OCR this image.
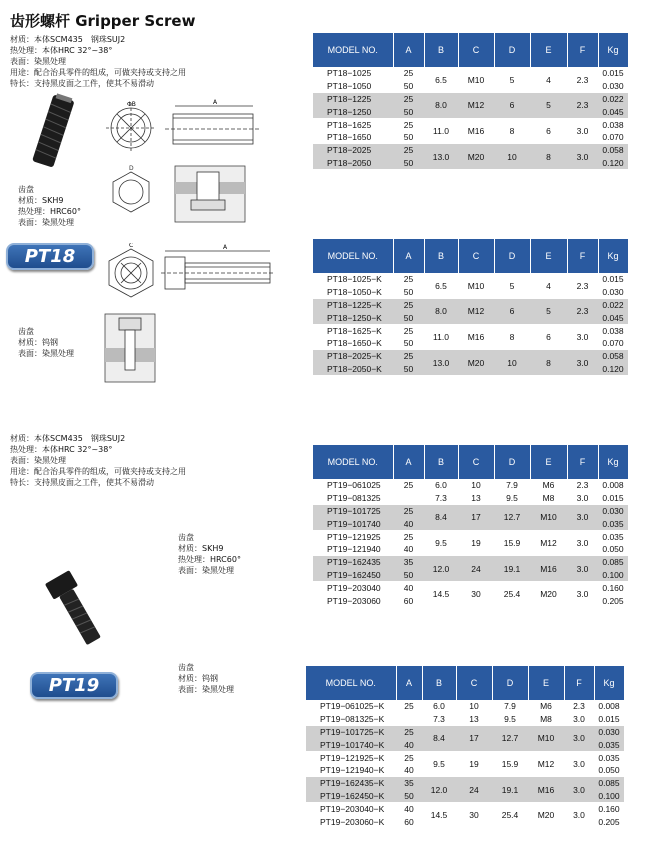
齿形螺杆 Gripper Screw
材质：本体SCM435　钢珠SUJ2
热处理：本体HRC 32°~38°
表面：染黑处理
用途：配合治具零件的组成，可做夹持或支持之用
特长：支持黑皮面之工件，使其不易滑动
A
ΦB
D
齿盘
材质：SKH9
热处理：HRC60°
表面：染黑处理
PT18	A
C
齿盘
材质：钨钢
表面：染黑处理
材质：本体SCM435　钢珠SUJ2
热处理：本体HRC 32°~38°
表面：染黑处理
用途：配合治具零件的组成，可做夹持或支持之用
特长：支持黑皮面之工件，使其不易滑动
齿盘
材质：SKH9
热处理：HRC60°
表面：染黑处理
齿盘
材质：钨钢
表面：染黑处理
PT19
MODEL NO.	A	B	C	D	E	F	Kg
PT18−1025	25	6.5	M10	5	4	2.3	0.015
PT18−1050	50						0.030
PT18−1225	25	8.0	M12	6	5	2.3	0.022
PT18−1250	50						0.045
PT18−1625	25	11.0	M16	8	6	3.0	0.038
PT18−1650	50						0.070
PT18−2025	25	13.0	M20	10	8	3.0	0.058
PT18−2050	50						0.120
MODEL NO.	A	B	C	D	E	F	Kg
PT18−1025−K	25	6.5	M10	5	4	2.3	0.015
PT18−1050−K	50						0.030
PT18−1225−K	25	8.0	M12	6	5	2.3	0.022
PT18−1250−K	50						0.045
PT18−1625−K	25	11.0	M16	8	6	3.0	0.038
PT18−1650−K	50						0.070
PT18−2025−K	25	13.0	M20	10	8	3.0	0.058
PT18−2050−K	50						0.120
MODEL NO.	A	B	C	D	E	F	Kg
PT19−061025	25	6.0	10	7.9	M6	2.3	0.008
PT19−081325		7.3	13	9.5	M8	3.0	0.015
PT19−101725	25	8.4	17	12.7	M10	3.0	0.030
PT19−101740	40						0.035
PT19−121925	25	9.5	19	15.9	M12	3.0	0.035
PT19−121940	40						0.050
PT19−162435	35	12.0	24	19.1	M16	3.0	0.085
PT19−162450	50						0.100
PT19−203040	40	14.5	30	25.4	M20	3.0	0.160
PT19−203060	60						0.205
MODEL NO.	A	B	C	D	E	F	Kg
PT19−061025−K	25	6.0	10	7.9	M6	2.3	0.008
PT19−081325−K		7.3	13	9.5	M8	3.0	0.015
PT19−101725−K	25	8.4	17	12.7	M10	3.0	0.030
PT19−101740−K	40						0.035
PT19−121925−K	25	9.5	19	15.9	M12	3.0	0.035
PT19−121940−K	40						0.050
PT19−162435−K	35	12.0	24	19.1	M16	3.0	0.085
PT19−162450−K	50						0.100
PT19−203040−K	40	14.5	30	25.4	M20	3.0	0.160
PT19−203060−K	60						0.205
